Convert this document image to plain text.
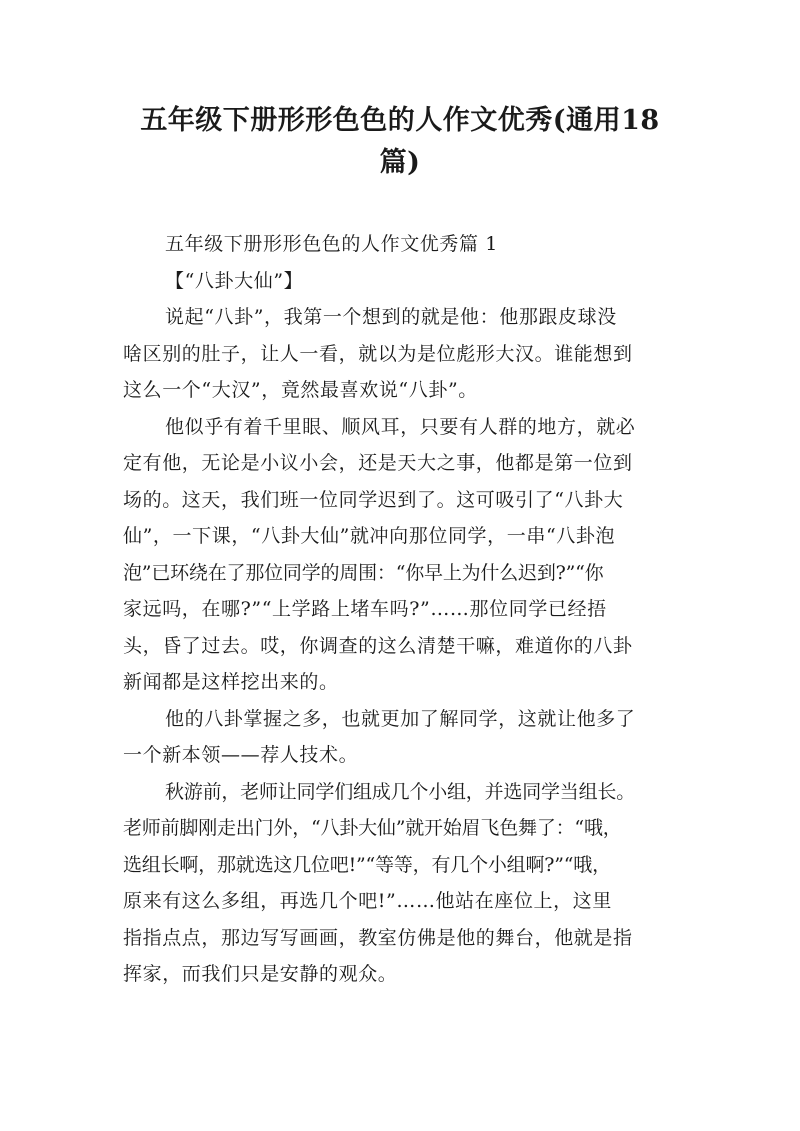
五年级下册形形色色的人作文优秀(通用18
篇)
五年级下册形形色色的人作文优秀篇 1
【“八卦大仙”】
说起“八卦”，我第一个想到的就是他：他那跟皮球没
啥区别的肚子，让人一看，就以为是位彪形大汉。谁能想到
这么一个“大汉”，竟然最喜欢说“八卦”。
他似乎有着千里眼、顺风耳，只要有人群的地方，就必
定有他，无论是小议小会，还是天大之事，他都是第一位到
场的。这天，我们班一位同学迟到了。这可吸引了“八卦大
仙”，一下课，“八卦大仙”就冲向那位同学，一串“八卦泡
泡”已环绕在了那位同学的周围：“你早上为什么迟到?”“你
家远吗，在哪?”“上学路上堵车吗?”……那位同学已经捂
头，昏了过去。哎，你调查的这么清楚干嘛，难道你的八卦
新闻都是这样挖出来的。
他的八卦掌握之多，也就更加了解同学，这就让他多了
一个新本领——荐人技术。
秋游前，老师让同学们组成几个小组，并选同学当组长。
老师前脚刚走出门外，“八卦大仙”就开始眉飞色舞了：“哦，
选组长啊，那就选这几位吧!”“等等，有几个小组啊?”“哦，
原来有这么多组，再选几个吧!”……他站在座位上，这里
指指点点，那边写写画画，教室仿佛是他的舞台，他就是指
挥家，而我们只是安静的观众。
